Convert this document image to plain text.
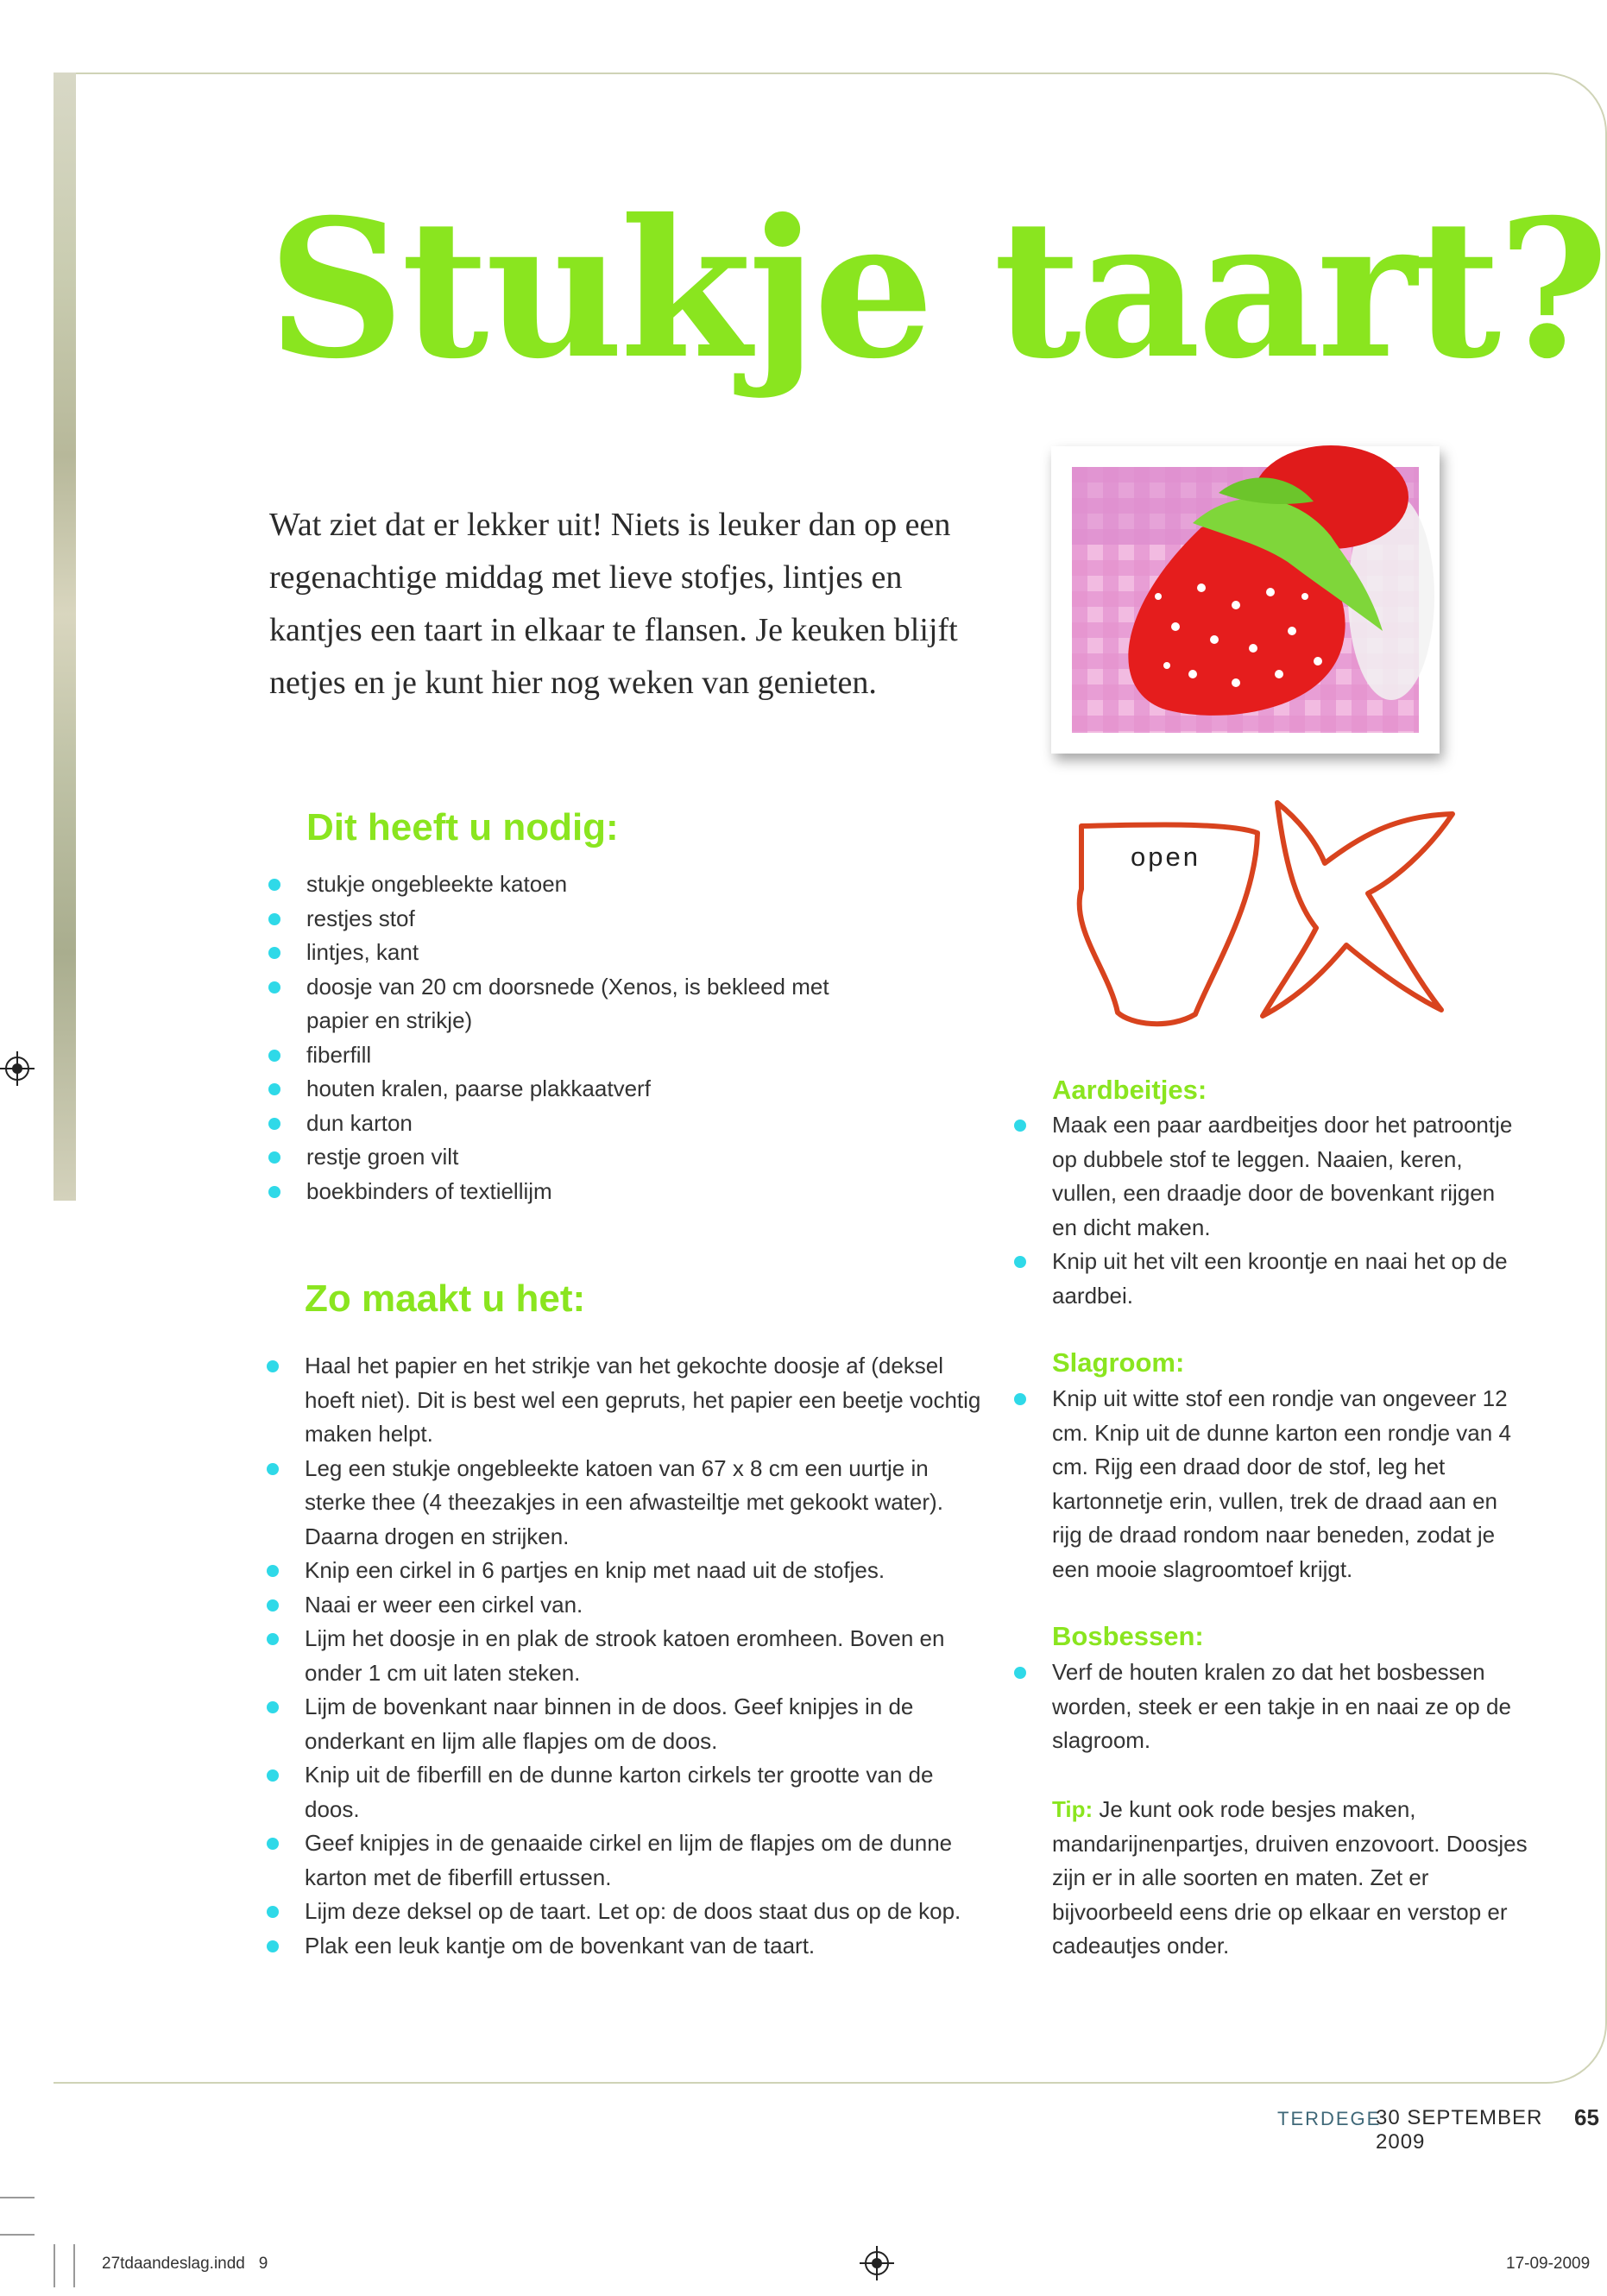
Stukje taart?
Wat ziet dat er lekker uit! Niets is leuker dan op een regenachtige middag met lieve stofjes, lintjes en kantjes een taart in elkaar te flansen. Je keuken blijft netjes en je kunt hier nog weken van genieten.
Dit heeft u nodig:
stukje ongebleekte katoen
restjes stof
lintjes, kant
doosje van 20 cm doorsnede (Xenos, is bekleed met papier en strikje)
fiberfill
houten kralen, paarse plakkaatverf
dun karton
restje groen vilt
boekbinders of textiellijm
Zo maakt u het:
Haal het papier en het strikje van het gekochte doosje af (deksel hoeft niet). Dit is best wel een gepruts, het papier een beetje vochtig maken helpt.
Leg een stukje ongebleekte katoen van 67 x 8 cm een uurtje in sterke thee (4 theezakjes in een afwasteiltje met gekookt water). Daarna drogen en strijken.
Knip een cirkel in 6 partjes en knip met naad uit de stofjes.
Naai er weer een cirkel van.
Lijm het doosje in en plak de strook katoen eromheen. Boven en onder 1 cm uit laten steken.
Lijm de bovenkant naar binnen in de doos. Geef knipjes in de onderkant en lijm alle flapjes om de doos.
Knip uit de fiberfill en de dunne karton cirkels ter grootte van de doos.
Geef knipjes in de genaaide cirkel en lijm de flapjes om de dunne karton met de fiberfill ertussen.
Lijm deze deksel op de taart. Let op: de doos staat dus op de kop.
Plak een leuk kantje om de bovenkant van de taart.
open
Aardbeitjes:
Maak een paar aardbeitjes door het patroontje op dubbele stof te leggen. Naaien, keren, vullen, een draadje door de bovenkant rijgen en dicht maken.
Knip uit het vilt een kroontje en naai het op de aardbei.
Slagroom:
Knip uit witte stof een rondje van ongeveer 12 cm. Knip uit de dunne karton een rondje van 4 cm. Rijg een draad door de stof, leg het kartonnetje erin, vullen, trek de draad aan en rijg de draad rondom naar beneden, zodat je een mooie slagroomtoef krijgt.
Bosbessen:
Verf de houten kralen zo dat het bosbessen worden, steek er een takje in en naai ze op de slagroom.
Tip: Je kunt ook rode besjes maken, mandarijnenpartjes, druiven enzovoort. Doosjes zijn er in alle soorten en maten. Zet er bijvoorbeeld eens drie op elkaar en verstop er cadeautjes onder.
TERDEGE
30 SEPTEMBER 2009
65
27tdaandeslag.indd   9	17-09-2009
